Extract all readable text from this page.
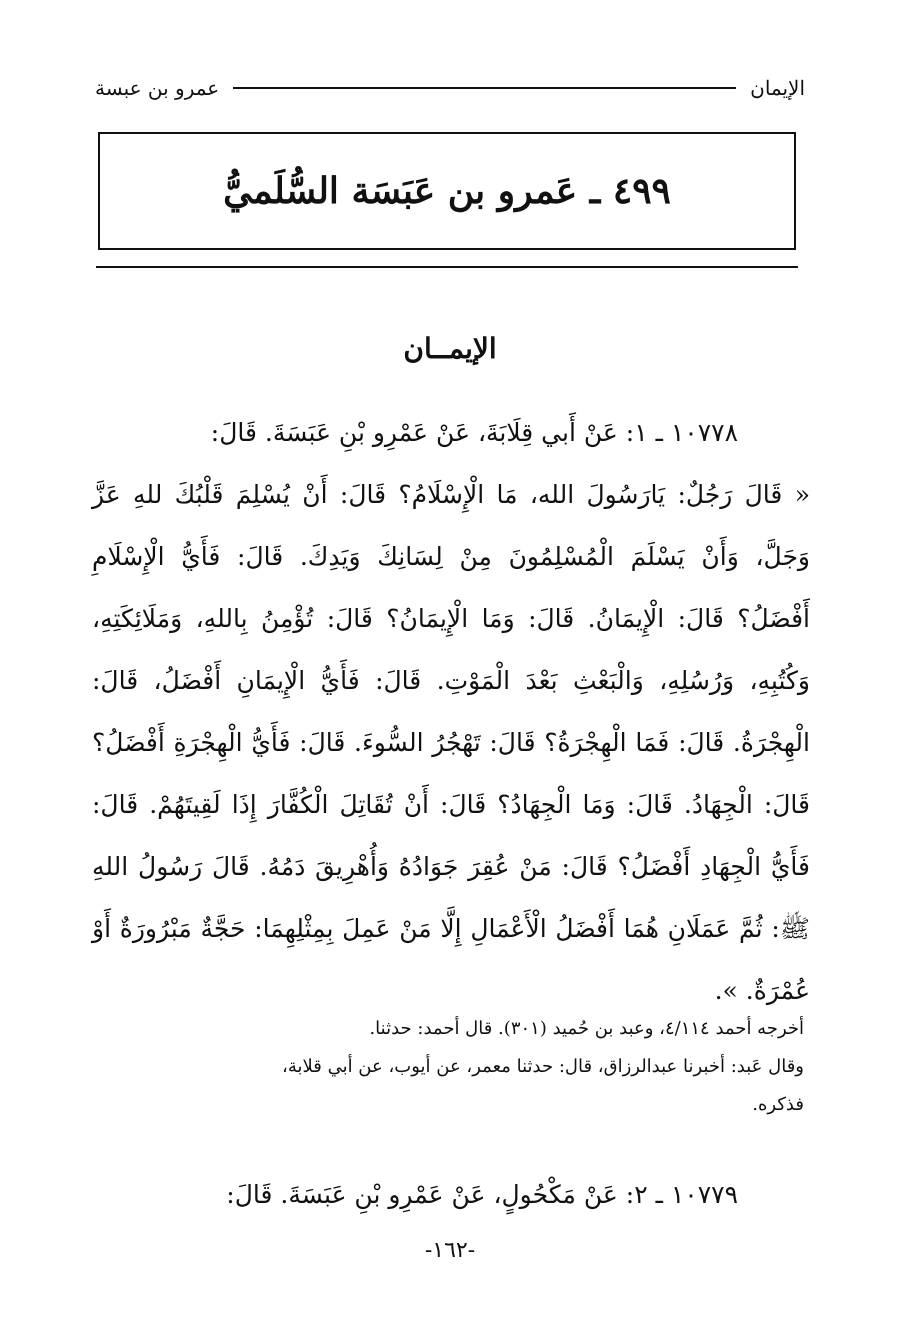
الإيمان
عمرو بن عبسة
٤٩٩ ـ عَمرو بن عَبَسَة السُّلَميُّ
الإيمــان

١٠٧٧٨ ـ ١: عَنْ أَبي قِلَابَةَ، عَنْ عَمْرِو بْنِ عَبَسَةَ. قَالَ:
« قَالَ رَجُلٌ: يَارَسُولَ الله، مَا الْإِسْلَامُ؟ قَالَ: أَنْ يُسْلِمَ قَلْبُكَ للهِ عَزَّ وَجَلَّ، وَأَنْ يَسْلَمَ الْمُسْلِمُونَ مِنْ لِسَانِكَ وَيَدِكَ. قَالَ: فَأَيُّ الْإِسْلَامِ أَفْضَلُ؟ قَالَ: الْإِيمَانُ. قَالَ: وَمَا الْإِيمَانُ؟ قَالَ: تُؤْمِنُ بِاللهِ، وَمَلَائِكَتِهِ، وَكُتُبِهِ، وَرُسُلِهِ، وَالْبَعْثِ بَعْدَ الْمَوْتِ. قَالَ: فَأَيُّ الْإِيمَانِ أَفْضَلُ، قَالَ: الْهِجْرَةُ. قَالَ: فَمَا الْهِجْرَةُ؟ قَالَ: تَهْجُرُ السُّوءَ. قَالَ: فَأَيُّ الْهِجْرَةِ أَفْضَلُ؟ قَالَ: الْجِهَادُ. قَالَ: وَمَا الْجِهَادُ؟ قَالَ: أَنْ تُقَاتِلَ الْكُفَّارَ إِذَا لَقِيتَهُمْ. قَالَ: فَأَيُّ الْجِهَادِ أَفْضَلُ؟ قَالَ: مَنْ عُقِرَ جَوَادُهُ وَأُهْرِيقَ دَمُهُ. قَالَ رَسُولُ اللهِ ﷺ: ثُمَّ عَمَلَانِ هُمَا أَفْضَلُ الْأَعْمَالِ إِلَّا مَنْ عَمِلَ بِمِثْلِهِمَا: حَجَّةٌ مَبْرُورَةٌ أَوْ عُمْرَةٌ. ».

أخرجه أحمد ٤/١١٤، وعبد بن حُميد (٣٠١). قال أحمد: حدثنا.
وقال عَبد: أخبرنا عبدالرزاق، قال: حدثنا معمر، عن أيوب، عن أبي قلابة،
فذكره.

١٠٧٧٩ ـ ٢: عَنْ مَكْحُولٍ، عَنْ عَمْرِو بْنِ عَبَسَةَ. قَالَ:

-١٦٢-
